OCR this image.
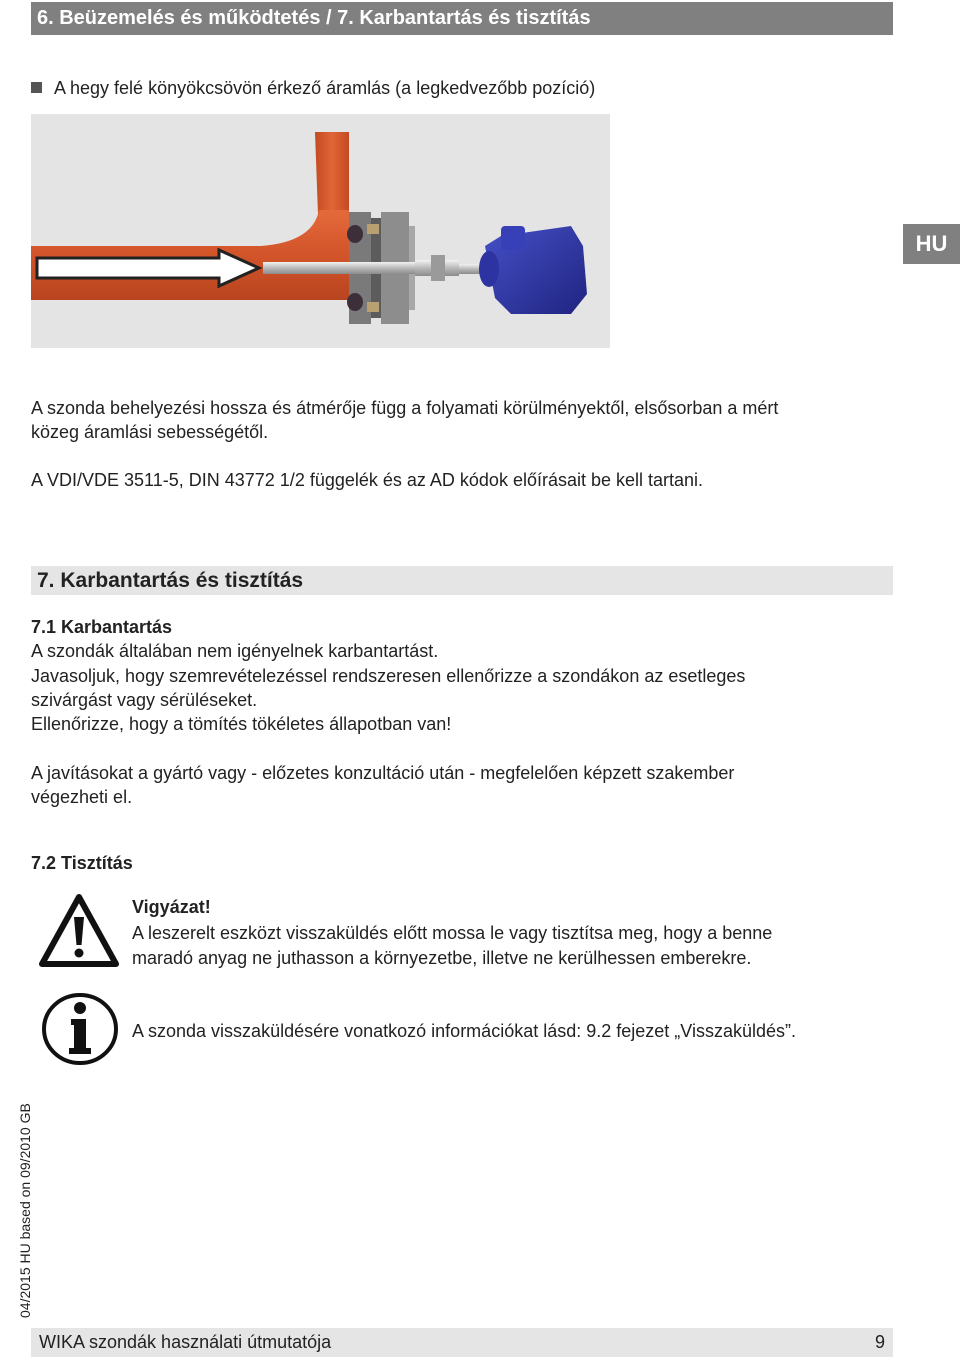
6. Beüzemelés és működtetés / 7. Karbantartás és tisztítás
HU
A hegy felé könyökcsövön érkező áramlás (a legkedvezőbb pozíció)
A szonda behelyezési hossza és átmérője függ a folyamati körülményektől, elsősorban a mért
közeg áramlási sebességétől.
A VDI/VDE 3511-5, DIN 43772 1/2 függelék és az AD kódok előírásait be kell tartani.
7. Karbantartás és tisztítás
7.1 Karbantartás
A szondák általában nem igényelnek karbantartást.
Javasoljuk, hogy szemrevételezéssel rendszeresen ellenőrizze a szondákon az esetleges
szivárgást vagy sérüléseket.
Ellenőrizze, hogy a tömítés tökéletes állapotban van!
A javításokat a gyártó vagy - előzetes konzultáció után - megfelelően képzett szakember
végezheti el.
7.2 Tisztítás
Vigyázat!
A leszerelt eszközt visszaküldés előtt mossa le vagy tisztítsa meg, hogy a benne
maradó anyag ne juthasson a környezetbe, illetve ne kerülhessen emberekre.
A szonda visszaküldésére vonatkozó információkat lásd: 9.2 fejezet „Visszaküldés”.
04/2015 HU based on 09/2010 GB
WIKA szondák használati útmutatója	9
